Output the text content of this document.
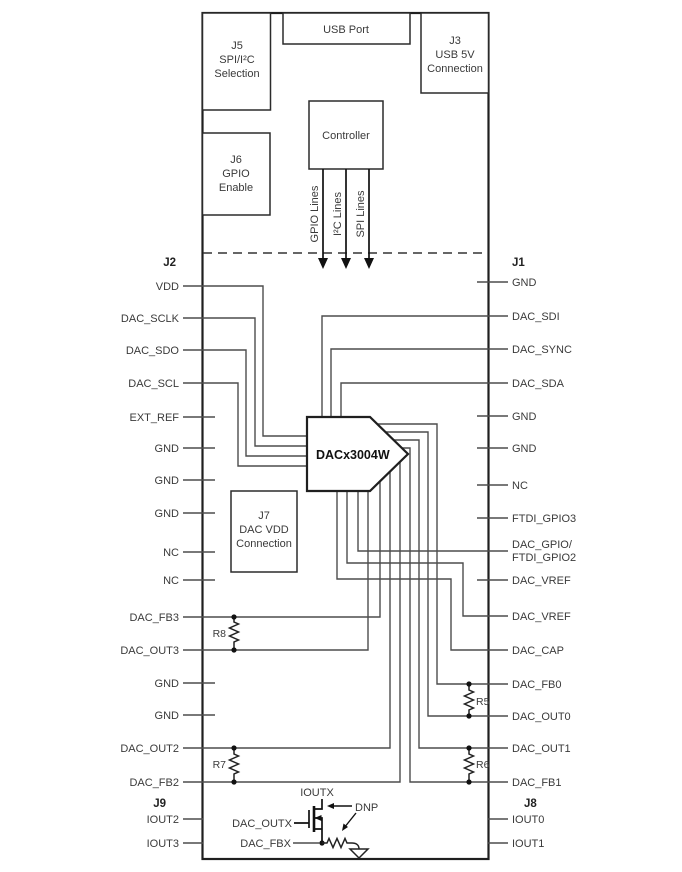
USB Port
J5
SPI/I²C
Selection
J3
USB 5V
Connection
J6
GPIO
Enable
Controller
J7
DAC VDD
Connection
GPIO Lines I²C Lines SPI Lines
DACx3004W
J2	J1
J9	J8
VDD
DAC_SCLK
DAC_SDO
DAC_SCL
EXT_REF
GND
GND
GND
NC
NC
DAC_FB3
DAC_OUT3
GND
GND
DAC_OUT2
DAC_FB2
IOUT2
IOUT3
GND
DAC_SDI
DAC_SYNC
DAC_SDA
GND
GND
NC
FTDI_GPIO3
DAC_GPIO/
FTDI_GPIO2
DAC_VREF
DAC_VREF
DAC_CAP
DAC_FB0
DAC_OUT0
DAC_OUT1
DAC_FB1
IOUT0
IOUT1
R8
R7
R5
R6
IOUTX
DAC_OUTX
DAC_FBX
DNP
